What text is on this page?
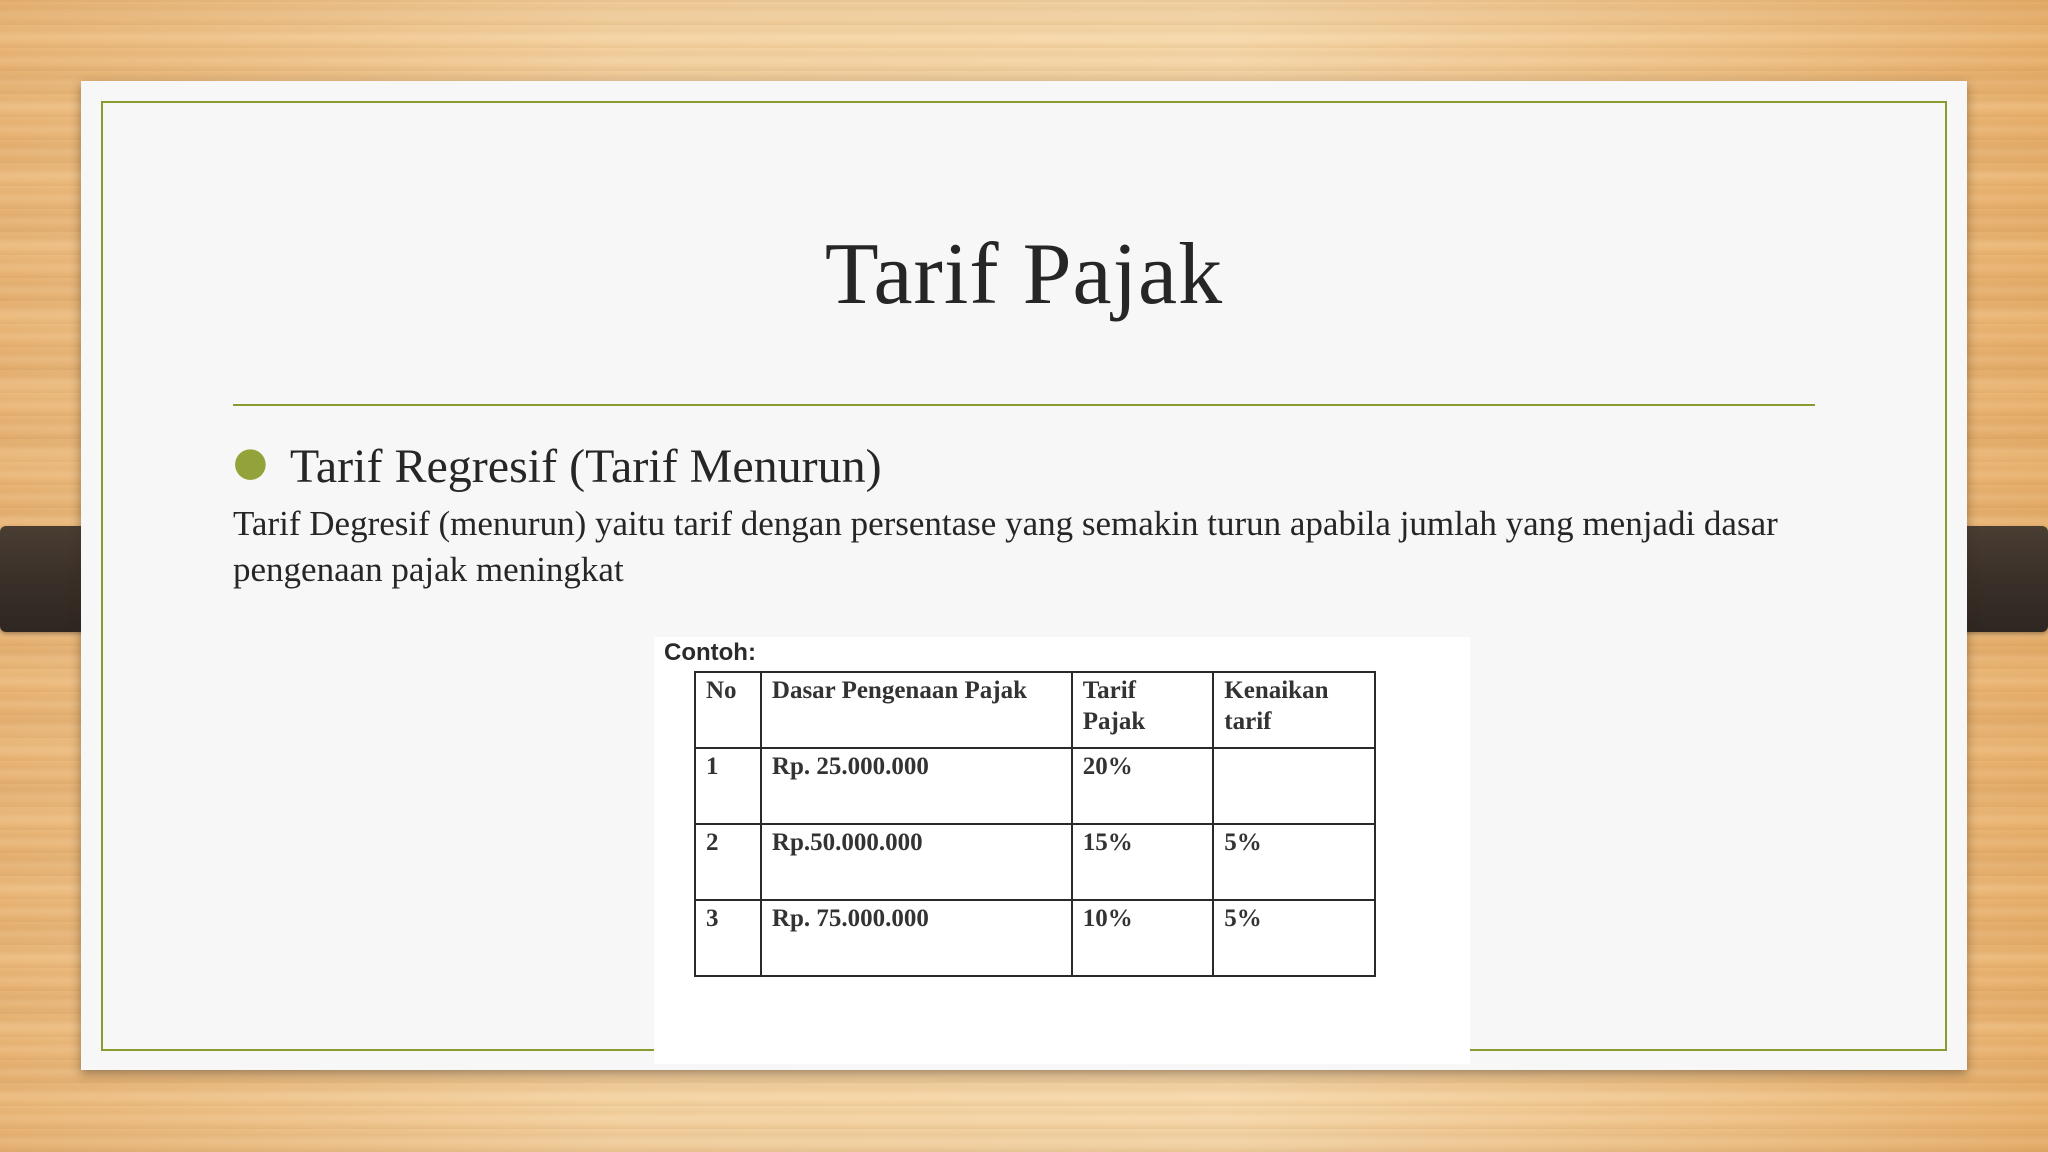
Tarif Pajak
● Tarif Regresif (Tarif Menurun)

Tarif Degresif (menurun) yaitu tarif dengan persentase yang semakin turun apabila jumlah yang menjadi dasar pengenaan pajak meningkat

Contoh:
No	Dasar Pengenaan Pajak	Tarif Pajak	Kenaikan tarif
1	Rp. 25.000.000	20%	
2	Rp.50.000.000	15%	5%
3	Rp. 75.000.000	10%	5%
